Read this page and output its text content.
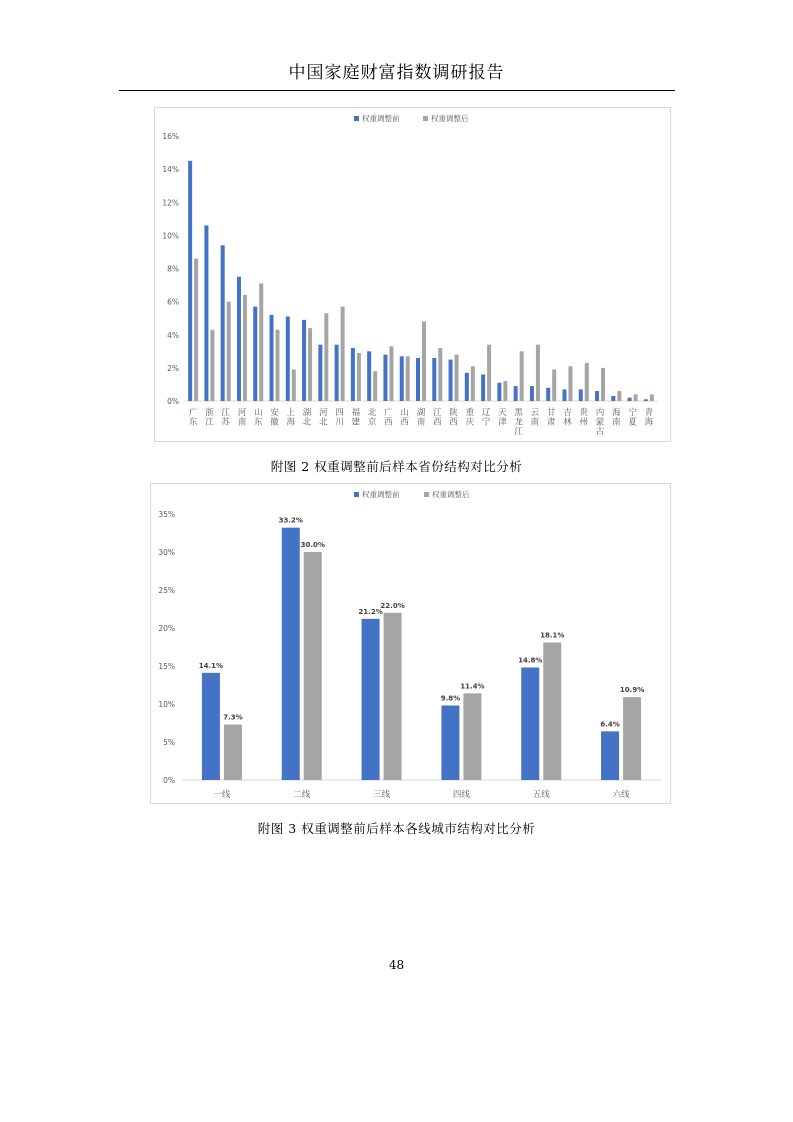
中国家庭财富指数调研报告
权重调整前	权重调整后
0%
2%
4%
6%
8%
10%
12%
14%
16%
广东
浙江
江苏
河南
山东
安徽
上海
湖北
河北
四川
福建
北京
广西
山西
湖南
江西
陕西
重庆
辽宁
天津
黑龙江
云南
甘肃
吉林
贵州
内蒙古
海南
宁夏
青海
附图 2 权重调整前后样本省份结构对比分析
权重调整前	权重调整后
0%
5%
10%
15%
20%
25%
30%
35%
14.1%
7.3%
一线
33.2%
30.0%
二线
21.2%
22.0%
三线
9.8%
11.4%
四线
14.8%
18.1%
五线
6.4%
10.9%
六线
附图 3 权重调整前后样本各线城市结构对比分析
48
